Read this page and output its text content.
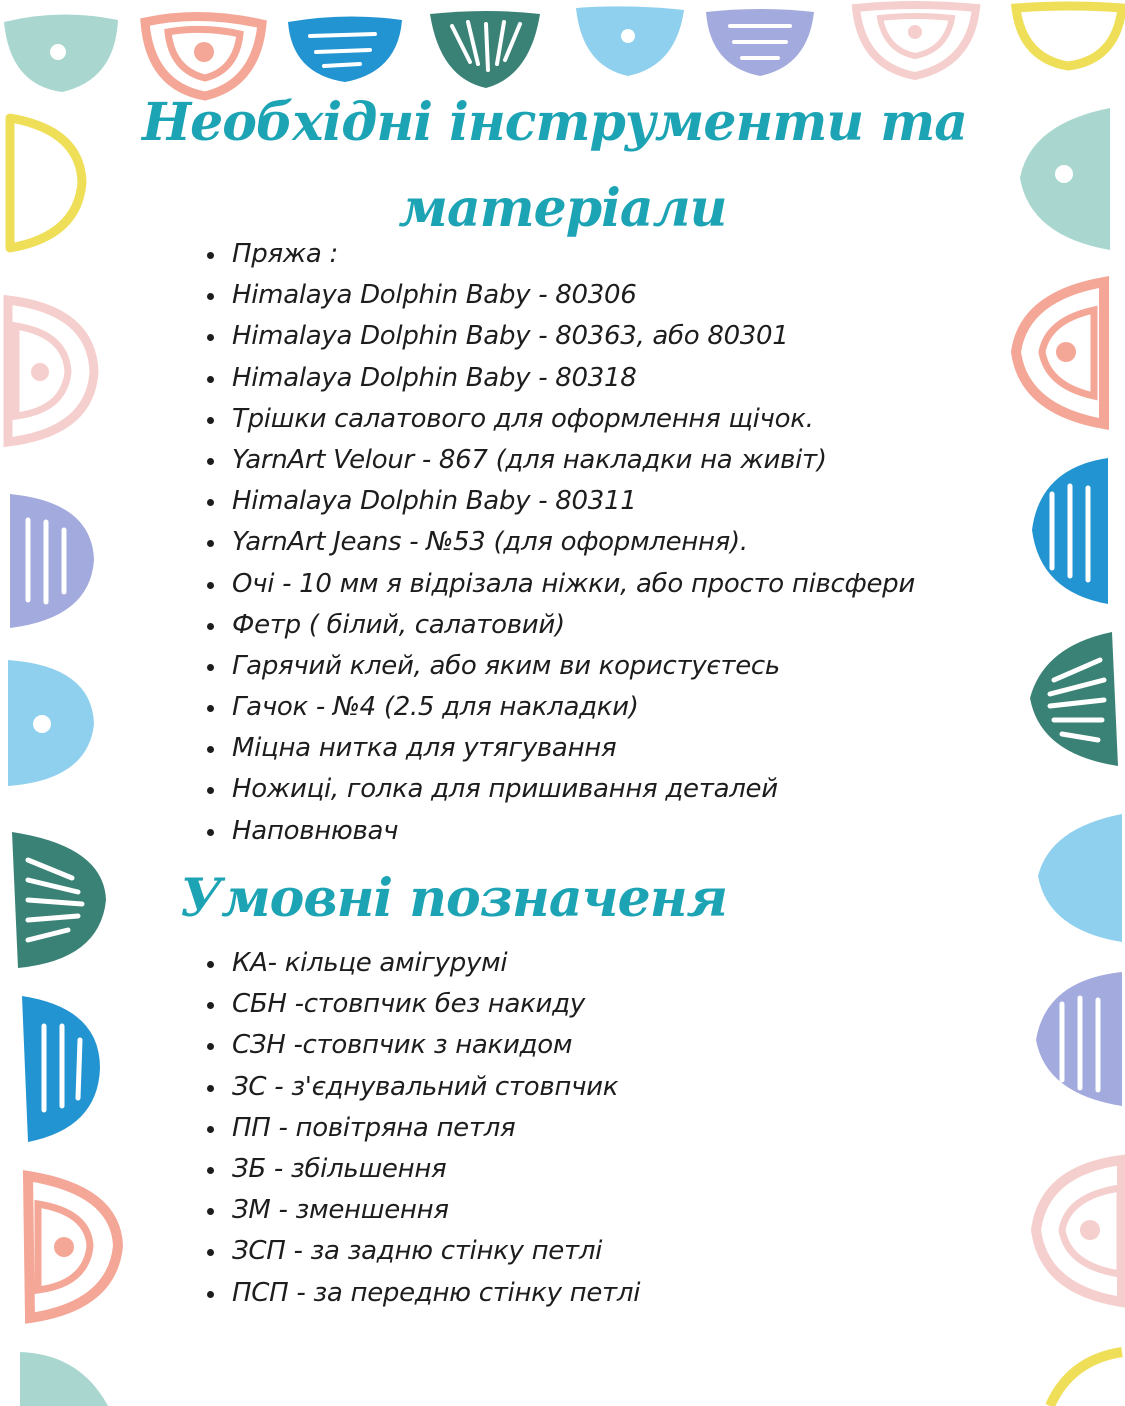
Необхідні інструменти та
матеріали
Пряжа :
Himalaya Dolphin Baby - 80306
Himalaya Dolphin Baby - 80363, або 80301
Himalaya Dolphin Baby - 80318
Трішки салатового для оформлення щічок.
YarnArt Velour - 867 (для накладки на живіт)
Himalaya Dolphin Baby - 80311
YarnArt Jeans - №53 (для оформлення).
Очі - 10 мм я відрізала ніжки, або просто півсфери
Фетр ( білий, салатовий)
Гарячий клей, або яким ви користуєтесь
Гачок - №4 (2.5 для накладки)
Міцна нитка для утягування
Ножиці, голка для пришивання деталей
Наповнювач
Умовні позначеня
КА- кільце амігурумі
СБН -стовпчик без накиду
СЗН -стовпчик з накидом
ЗС - з'єднувальний стовпчик
ПП - повітряна петля
ЗБ - збільшення
ЗМ - зменшення
ЗСП - за задню стінку петлі
ПСП - за передню стінку петлі
